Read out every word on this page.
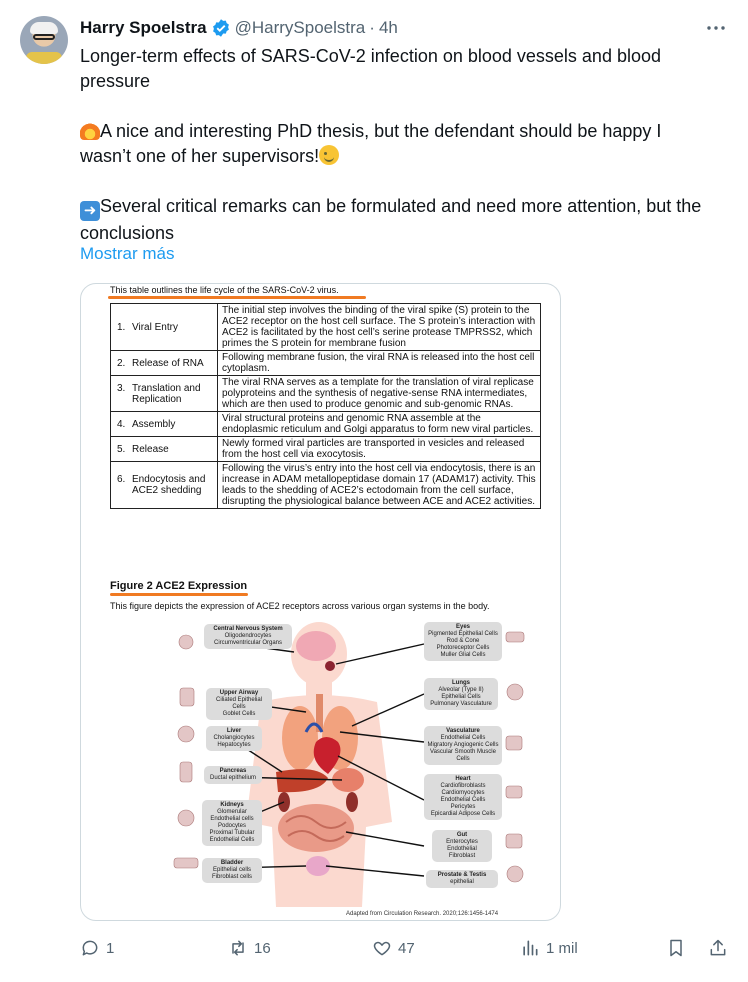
Harry Spoelstra @HarrySpoelstra · 4h

Longer-term effects of SARS-CoV-2 infection on blood vessels and blood pressure

A nice and interesting PhD thesis, but the defendant should be happy I wasn’t one of her supervisors!

➜ Several critical remarks can be formulated and need more attention, but the conclusions

Mostrar más
This table outlines the life cycle of the SARS-CoV-2 virus.
1. Viral Entry	The initial step involves the binding of the viral spike (S) protein to the ACE2 receptor on the host cell surface. The S protein’s interaction with ACE2 is facilitated by the host cell’s serine protease TMPRSS2, which primes the S protein for membrane fusion
2. Release of RNA	Following membrane fusion, the viral RNA is released into the host cell cytoplasm.
3. Translation and Replication	The viral RNA serves as a template for the translation of viral replicase polyproteins and the synthesis of negative-sense RNA intermediates, which are then used to produce genomic and sub-genomic RNAs.
4. Assembly	Viral structural proteins and genomic RNA assemble at the endoplasmic reticulum and Golgi apparatus to form new viral particles.
5. Release	Newly formed viral particles are transported in vesicles and released from the host cell via exocytosis.
6. Endocytosis and ACE2 shedding	Following the virus’s entry into the host cell via endocytosis, there is an increase in ADAM metallopeptidase domain 17 (ADAM17) activity. This leads to the shedding of ACE2’s ectodomain from the cell surface, disrupting the physiological balance between ACE and ACE2 activities.
Figure 2 ACE2 Expression
This figure depicts the expression of ACE2 receptors across various organ systems in the body.
Central Nervous System
Oligodendrocytes
Circumventricular Organs
Upper Airway
Ciliated Epithelial Cells
Goblet Cells
Liver
Cholangiocytes
Hepatocytes
Pancreas
Ductal epithelium
Kidneys
Glomerular
Endothelial cells
Podocytes
Proximal Tubular
Endothelial Cells
Bladder
Epithelial cells
Fibroblast cells
Eyes
Pigmented Epithelial Cells
Rod & Cone Photoreceptor Cells
Muller Glial Cells
Lungs
Alveolar (Type II) Epithelial Cells
Pulmonary Vasculature
Vasculature
Endothelial Cells
Migratory Angiogenic Cells
Vascular Smooth Muscle Cells
Heart
Cardiofibroblasts
Cardiomyocytes
Endothelial Cells
Pericytes
Epicardial Adipose Cells
Gut
Enterocytes
Endothelial
Fibroblast
Prostate & Testis
epithelial
Adapted from Circulation Research. 2020;126:1456-1474
1	16	47	1 mil
